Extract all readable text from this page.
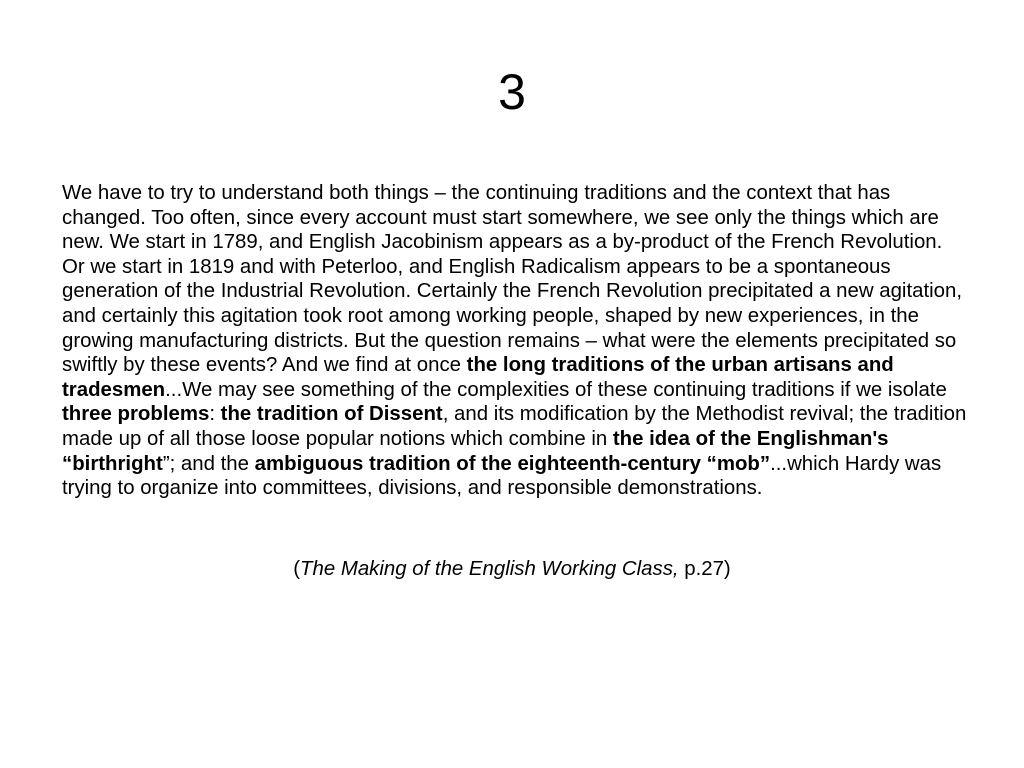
3

We have to try to understand both things – the continuing traditions and the context that has changed. Too often, since every account must start somewhere, we see only the things which are new. We start in 1789, and English Jacobinism appears as a by-product of the French Revolution. Or we start in 1819 and with Peterloo, and English Radicalism appears to be a spontaneous generation of the Industrial Revolution. Certainly the French Revolution precipitated a new agitation, and certainly this agitation took root among working people, shaped by new experiences, in the growing manufacturing districts. But the question remains – what were the elements precipitated so swiftly by these events? And we find at once the long traditions of the urban artisans and tradesmen...We may see something of the complexities of these continuing traditions if we isolate three problems: the tradition of Dissent, and its modification by the Methodist revival; the tradition made up of all those loose popular notions which combine in the idea of the Englishman's “birthright”; and the ambiguous tradition of the eighteenth-century “mob”...which Hardy was trying to organize into committees, divisions, and responsible demonstrations.

(The Making of the English Working Class, p.27)
